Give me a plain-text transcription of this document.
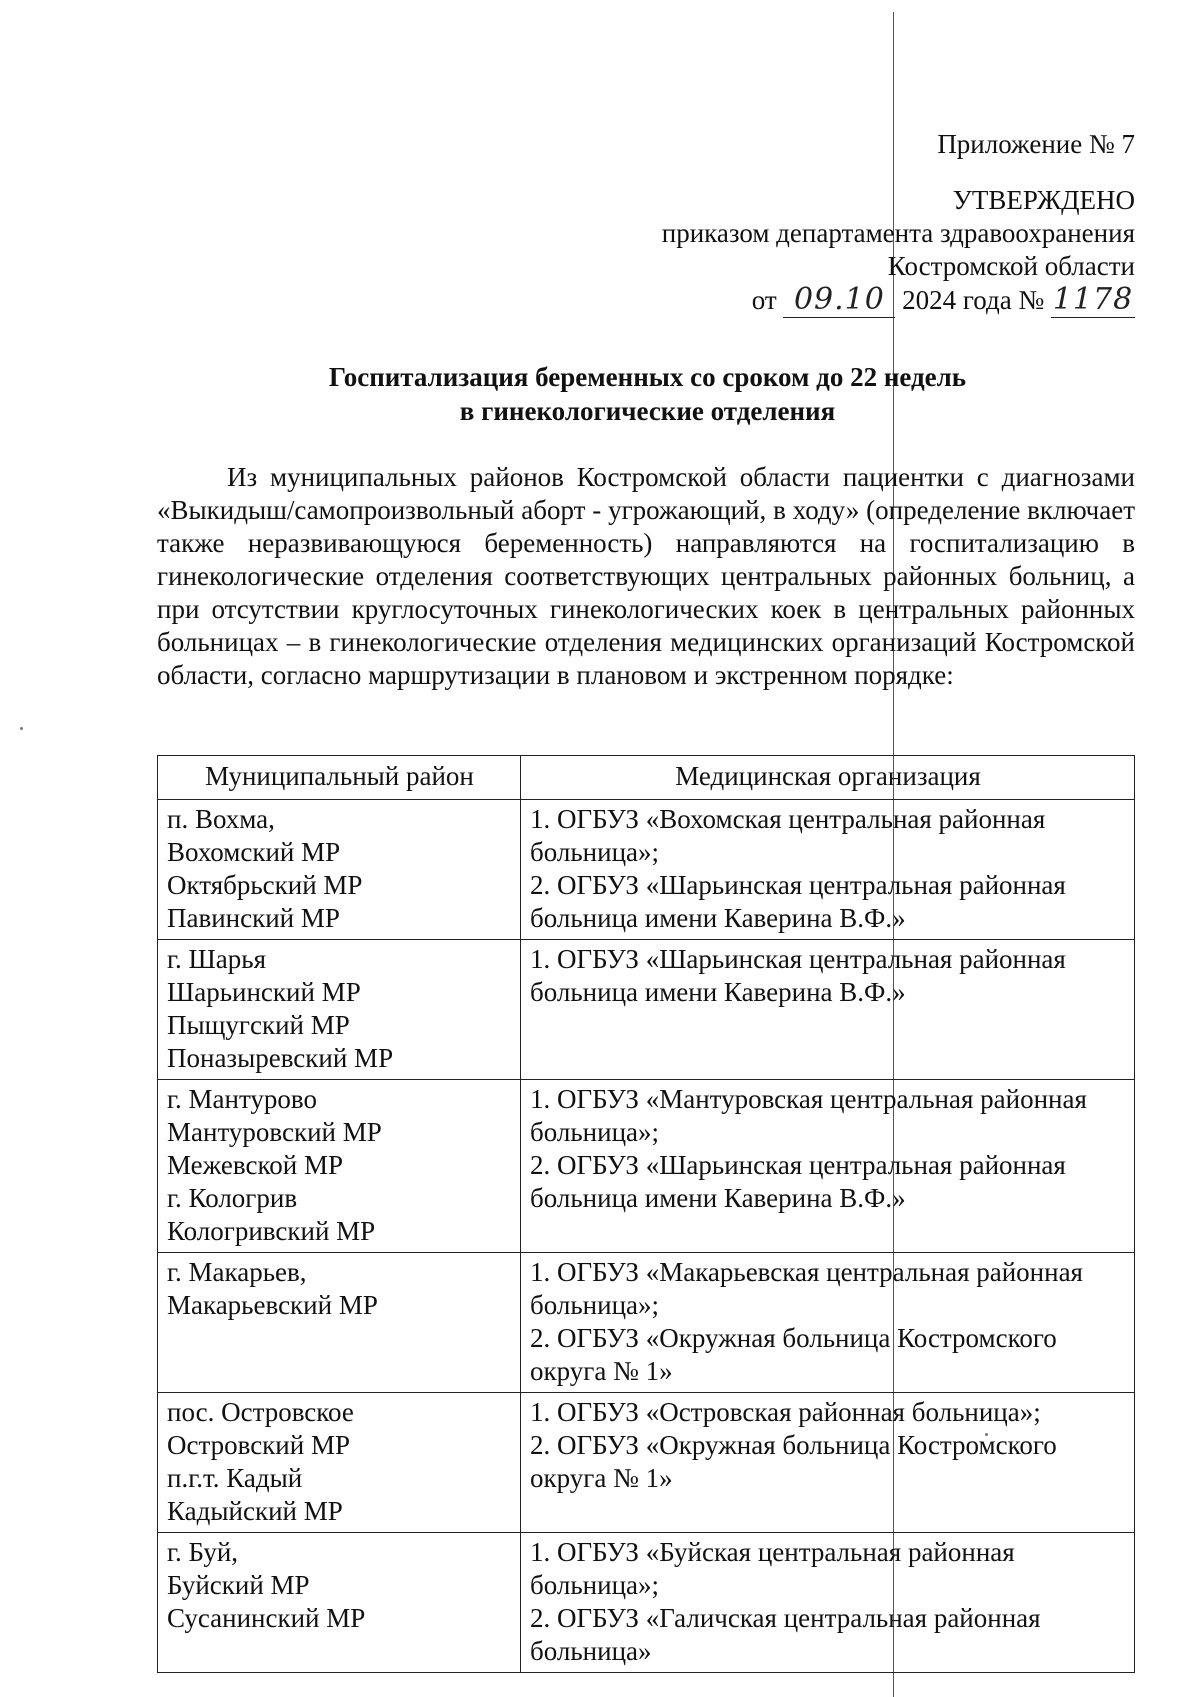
Приложение № 7
УТВЕРЖДЕНО
приказом департамента здравоохранения
Костромской области
от 09.10 2024 года № 1178
Госпитализация беременных со сроком до 22 недель
в гинекологические отделения
Из муниципальных районов Костромской области пациентки с диагнозами «Выкидыш/самопроизвольный аборт - угрожающий, в ходу» (определение включает также неразвивающуюся беременность) направляются на госпитализацию в гинекологические отделения соответствующих центральных районных больниц, а при отсутствии круглосуточных гинекологических коек в центральных районных больницах – в гинекологические отделения медицинских организаций Костромской области, согласно маршрутизации в плановом и экстренном порядке:
Муниципальный район	Медицинская организация

п. Вохма,
Вохомский МР
Октябрьский МР
Павинский МР	1. ОГБУЗ «Вохомская центральная районная больница»;
2. ОГБУЗ «Шарьинская центральная районная больница имени Каверина В.Ф.»

г. Шарья
Шарьинский МР
Пыщугский МР
Поназыревский МР	1. ОГБУЗ «Шарьинская центральная районная больница имени Каверина В.Ф.»

г. Мантурово
Мантуровский МР
Межевской МР
г. Кологрив
Кологривский МР	1. ОГБУЗ «Мантуровская центральная районная больница»;
2. ОГБУЗ «Шарьинская центральная районная больница имени Каверина В.Ф.»

г. Макарьев,
Макарьевский МР	1. ОГБУЗ «Макарьевская центральная районная больница»;
2. ОГБУЗ «Окружная больница Костромского округа № 1»

пос. Островское
Островский МР
п.г.т. Кадый
Кадыйский МР	1. ОГБУЗ «Островская районная больница»;
2. ОГБУЗ «Окружная больница Костромского округа № 1»

г. Буй,
Буйский МР
Сусанинский МР	1. ОГБУЗ «Буйская центральная районная больница»;
2. ОГБУЗ «Галичская центральная районная больница»
